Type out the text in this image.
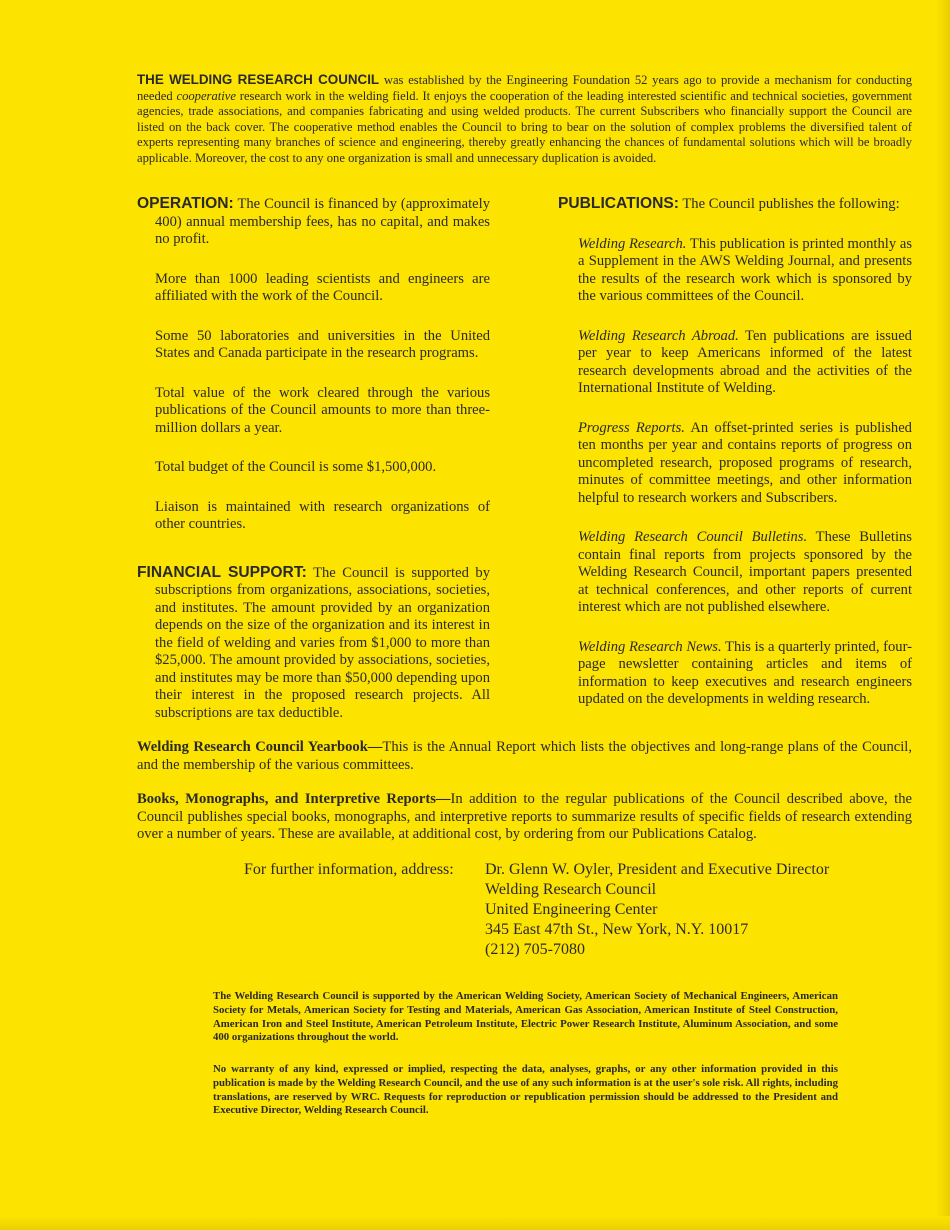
THE WELDING RESEARCH COUNCIL was established by the Engineering Foundation 52 years ago to provide a mechanism for conducting needed cooperative research work in the welding field. It enjoys the cooperation of the leading interested scientific and technical societies, government agencies, trade associations, and companies fabricating and using welded products. The current Subscribers who financially support the Council are listed on the back cover. The cooperative method enables the Council to bring to bear on the solution of complex problems the diversified talent of experts representing many branches of science and engineering, thereby greatly enhancing the chances of fundamental solutions which will be broadly applicable. Moreover, the cost to any one organization is small and unnecessary duplication is avoided.

OPERATION: The Council is financed by (approximately 400) annual membership fees, has no capital, and makes no profit.

More than 1000 leading scientists and engineers are affiliated with the work of the Council.

Some 50 laboratories and universities in the United States and Canada participate in the research programs.

Total value of the work cleared through the various publications of the Council amounts to more than three-million dollars a year.

Total budget of the Council is some $1,500,000.

Liaison is maintained with research organizations of other countries.

FINANCIAL SUPPORT: The Council is supported by subscriptions from organizations, associations, societies, and institutes. The amount provided by an organization depends on the size of the organization and its interest in the field of welding and varies from $1,000 to more than $25,000. The amount provided by associations, societies, and institutes may be more than $50,000 depending upon their interest in the proposed research projects. All subscriptions are tax deductible.

PUBLICATIONS: The Council publishes the following:

Welding Research. This publication is printed monthly as a Supplement in the AWS Welding Journal, and presents the results of the research work which is sponsored by the various committees of the Council.

Welding Research Abroad. Ten publications are issued per year to keep Americans informed of the latest research developments abroad and the activities of the International Institute of Welding.

Progress Reports. An offset-printed series is published ten months per year and contains reports of progress on uncompleted research, proposed programs of research, minutes of committee meetings, and other information helpful to research workers and Subscribers.

Welding Research Council Bulletins. These Bulletins contain final reports from projects sponsored by the Welding Research Council, important papers presented at technical conferences, and other reports of current interest which are not published elsewhere.

Welding Research News. This is a quarterly printed, four-page newsletter containing articles and items of information to keep executives and research engineers updated on the developments in welding research.

Welding Research Council Yearbook—This is the Annual Report which lists the objectives and long-range plans of the Council, and the membership of the various committees.

Books, Monographs, and Interpretive Reports—In addition to the regular publications of the Council described above, the Council publishes special books, monographs, and interpretive reports to summarize results of specific fields of research extending over a number of years. These are available, at additional cost, by ordering from our Publications Catalog.

For further information, address: Dr. Glenn W. Oyler, President and Executive Director
Welding Research Council
United Engineering Center
345 East 47th St., New York, N.Y. 10017
(212) 705-7080

The Welding Research Council is supported by the American Welding Society, American Society of Mechanical Engineers, American Society for Metals, American Society for Testing and Materials, American Gas Association, American Institute of Steel Construction, American Iron and Steel Institute, American Petroleum Institute, Electric Power Research Institute, Aluminum Association, and some 400 organizations throughout the world.

No warranty of any kind, expressed or implied, respecting the data, analyses, graphs, or any other information provided in this publication is made by the Welding Research Council, and the use of any such information is at the user's sole risk. All rights, including translations, are reserved by WRC. Requests for reproduction or republication permission should be addressed to the President and Executive Director, Welding Research Council.
